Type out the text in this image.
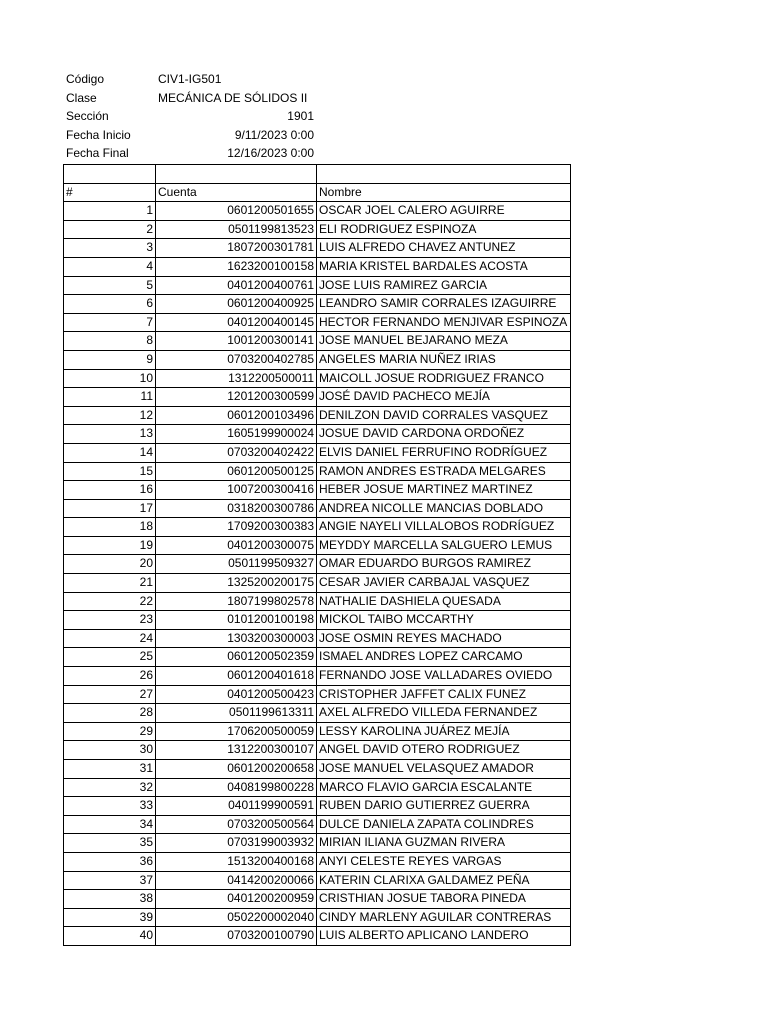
Código	CIV1-IG501
Clase	MECÁNICA DE SÓLIDOS II
Sección	1901
Fecha Inicio	9/11/2023 0:00
Fecha Final	12/16/2023 0:00

#	Cuenta	Nombre
1	0601200501655	OSCAR JOEL CALERO AGUIRRE
2	0501199813523	ELI RODRIGUEZ ESPINOZA
3	1807200301781	LUIS ALFREDO CHAVEZ ANTUNEZ
4	1623200100158	MARIA KRISTEL BARDALES ACOSTA
5	0401200400761	JOSE LUIS RAMIREZ GARCIA
6	0601200400925	LEANDRO SAMIR CORRALES IZAGUIRRE
7	0401200400145	HECTOR FERNANDO MENJIVAR ESPINOZA
8	1001200300141	JOSE MANUEL BEJARANO MEZA
9	0703200402785	ANGELES MARIA NUÑEZ IRIAS
10	1312200500011	MAICOLL JOSUE RODRIGUEZ FRANCO
11	1201200300599	JOSÉ DAVID PACHECO MEJÍA
12	0601200103496	DENILZON DAVID CORRALES VASQUEZ
13	1605199900024	JOSUE DAVID CARDONA ORDOÑEZ
14	0703200402422	ELVIS DANIEL FERRUFINO RODRÍGUEZ
15	0601200500125	RAMON ANDRES ESTRADA MELGARES
16	1007200300416	HEBER JOSUE MARTINEZ MARTINEZ
17	0318200300786	ANDREA NICOLLE MANCIAS DOBLADO
18	1709200300383	ANGIE NAYELI VILLALOBOS RODRÍGUEZ
19	0401200300075	MEYDDY MARCELLA SALGUERO LEMUS
20	0501199509327	OMAR EDUARDO BURGOS RAMIREZ
21	1325200200175	CESAR JAVIER CARBAJAL VASQUEZ
22	1807199802578	NATHALIE DASHIELA QUESADA
23	0101200100198	MICKOL TAIBO MCCARTHY
24	1303200300003	JOSE OSMIN REYES MACHADO
25	0601200502359	ISMAEL ANDRES LOPEZ CARCAMO
26	0601200401618	FERNANDO JOSE VALLADARES OVIEDO
27	0401200500423	CRISTOPHER JAFFET CALIX FUNEZ
28	0501199613311	AXEL ALFREDO VILLEDA FERNANDEZ
29	1706200500059	LESSY KAROLINA JUÁREZ MEJÍA
30	1312200300107	ANGEL DAVID OTERO RODRIGUEZ
31	0601200200658	JOSE MANUEL VELASQUEZ AMADOR
32	0408199800228	MARCO FLAVIO GARCIA ESCALANTE
33	0401199900591	RUBEN DARIO GUTIERREZ GUERRA
34	0703200500564	DULCE DANIELA ZAPATA COLINDRES
35	0703199003932	MIRIAN ILIANA GUZMAN RIVERA
36	1513200400168	ANYI CELESTE REYES VARGAS
37	0414200200066	KATERIN CLARIXA GALDAMEZ PEÑA
38	0401200200959	CRISTHIAN JOSUE TABORA PINEDA
39	0502200002040	CINDY MARLENY AGUILAR CONTRERAS
40	0703200100790	LUIS ALBERTO APLICANO LANDERO
